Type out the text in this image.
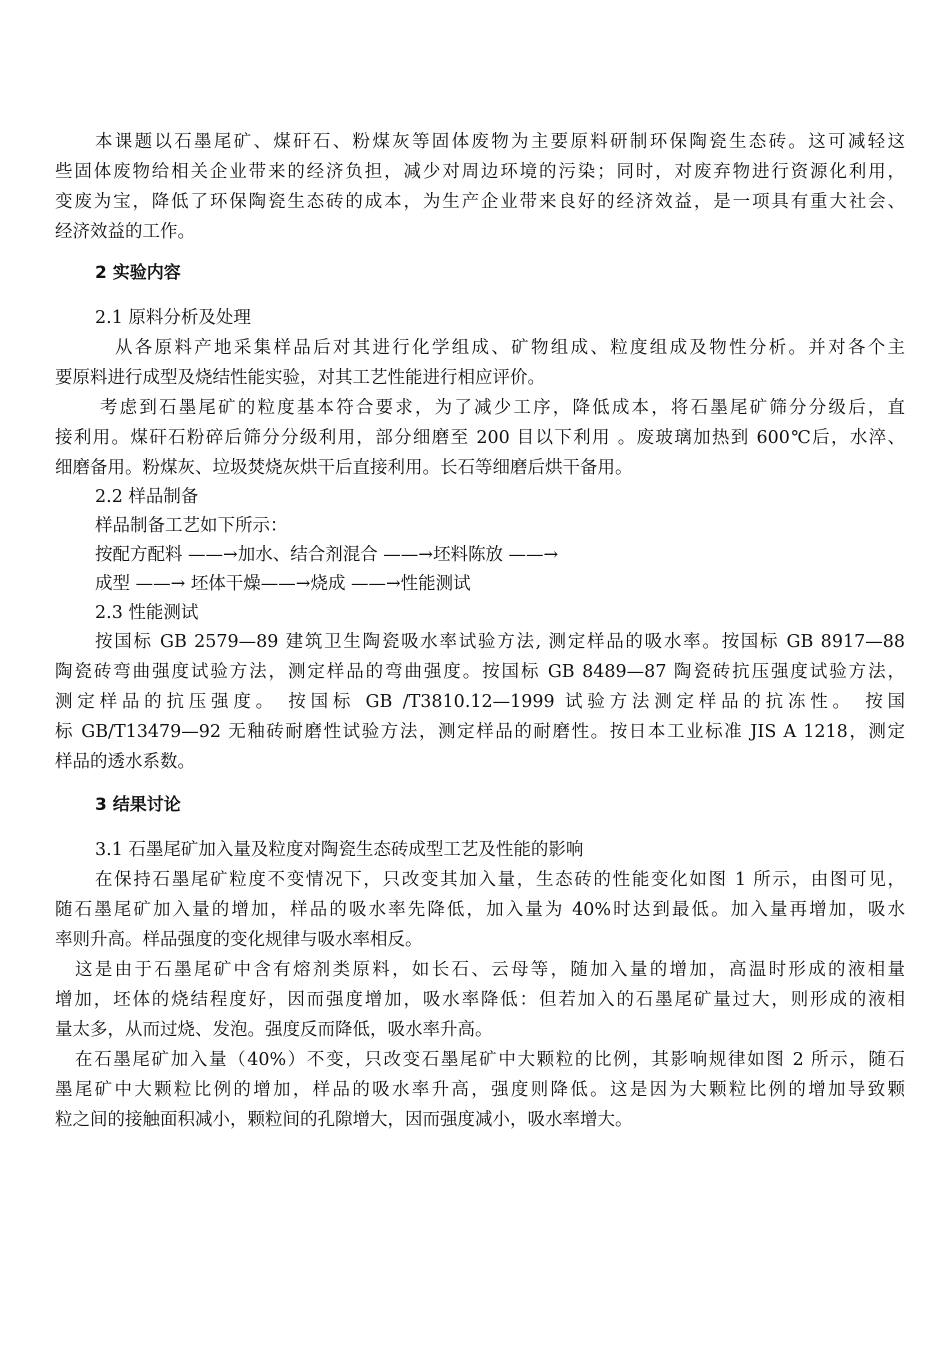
本课题以石墨尾矿、煤矸石、粉煤灰等固体废物为主要原料研制环保陶瓷生态砖。这可减轻这
些固体废物给相关企业带来的经济负担，减少对周边环境的污染；同时，对废弃物进行资源化利用，
变废为宝，降低了环保陶瓷生态砖的成本，为生产企业带来良好的经济效益，是一项具有重大社会、
经济效益的工作。
2 实验内容
2.1 原料分析及处理
从各原料产地采集样品后对其进行化学组成、矿物组成、粒度组成及物性分析。并对各个主
要原料进行成型及烧结性能实验，对其工艺性能进行相应评价。
考虑到石墨尾矿的粒度基本符合要求，为了减少工序，降低成本，将石墨尾矿筛分分级后，直
接利用。煤矸石粉碎后筛分分级利用，部分细磨至 200 目以下利用 。废玻璃加热到 600℃后，水淬、
细磨备用。粉煤灰、垃圾焚烧灰烘干后直接利用。长石等细磨后烘干备用。
2.2 样品制备
样品制备工艺如下所示：
按配方配料 ——→加水、结合剂混合 ——→坯料陈放 ——→
成型 ——→ 坯体干燥——→烧成 ——→性能测试
2.3 性能测试
按国标 GB 2579—89 建筑卫生陶瓷吸水率试验方法, 测定样品的吸水率。按国标 GB 8917—88
陶瓷砖弯曲强度试验方法，测定样品的弯曲强度。按国标 GB 8489—87 陶瓷砖抗压强度试验方法，
测定样品的抗压强度。 按国标 GB /T3810.12—1999 试验方法测定样品的抗冻性。 按国
标 GB/T13479—92 无釉砖耐磨性试验方法，测定样品的耐磨性。按日本工业标准 JIS A 1218，测定
样品的透水系数。
3 结果讨论
3.1 石墨尾矿加入量及粒度对陶瓷生态砖成型工艺及性能的影响
在保持石墨尾矿粒度不变情况下，只改变其加入量，生态砖的性能变化如图 1 所示，由图可见，
随石墨尾矿加入量的增加，样品的吸水率先降低，加入量为 40%时达到最低。加入量再增加，吸水
率则升高。样品强度的变化规律与吸水率相反。
这是由于石墨尾矿中含有熔剂类原料，如长石、云母等，随加入量的增加，高温时形成的液相量
增加，坯体的烧结程度好，因而强度增加，吸水率降低：但若加入的石墨尾矿量过大，则形成的液相
量太多，从而过烧、发泡。强度反而降低，吸水率升高。
在石墨尾矿加入量（40%）不变，只改变石墨尾矿中大颗粒的比例，其影响规律如图 2 所示，随石
墨尾矿中大颗粒比例的增加，样品的吸水率升高，强度则降低。这是因为大颗粒比例的增加导致颗
粒之间的接触面积减小，颗粒间的孔隙增大，因而强度减小，吸水率增大。
